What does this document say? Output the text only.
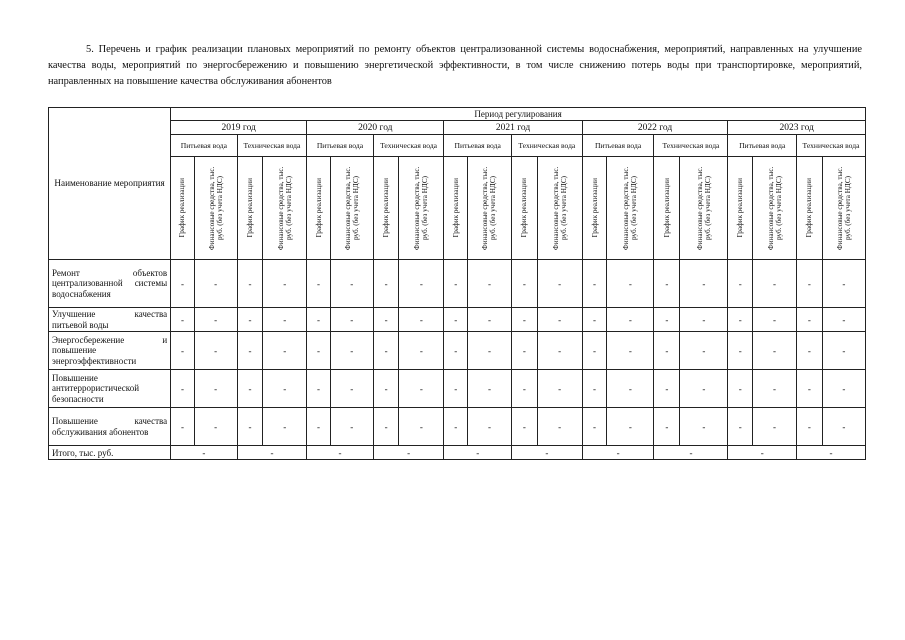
5. Перечень и график реализации плановых мероприятий по ремонту объектов централизованной системы водоснабжения, мероприятий, направленных на улучшение качества воды, мероприятий по энергосбережению и повышению энергетической эффективности, в том числе снижению потерь воды при транспортировке, мероприятий, направленных на повышение качества обслуживания абонентов

Наименование мероприятия	Период регулирования																			
	2019 год				2020 год				2021 год				2022 год				2023 год			
	Питьевая вода		Техническая вода		Питьевая вода		Техническая вода		Питьевая вода		Техническая вода		Питьевая вода		Техническая вода		Питьевая вода		Техническая вода	

	График реализации	Финансовые средства, тыс. руб. (без учета НДС)	График реализации	Финансовые средства, тыс. руб. (без учета НДС)	График реализации	Финансовые средства, тыс. руб. (без учета НДС)	График реализации	Финансовые средства, тыс. руб. (без учета НДС)	График реализации	Финансовые средства, тыс. руб. (без учета НДС)	График реализации	Финансовые средства, тыс. руб. (без учета НДС)	График реализации	Финансовые средства, тыс. руб. (без учета НДС)	График реализации	Финансовые средства, тыс. руб. (без учета НДС)	График реализации	Финансовые средства, тыс. руб. (без учета НДС)	График реализации	Финансовые средства, тыс. руб. (без учета НДС)

Ремонт объектов централизованной системы водоснабжения	-	-	-	-	-	-	-	-	-	-	-	-	-	-	-	-	-	-	-	-
Улучшение качества питьевой воды	-	-	-	-	-	-	-	-	-	-	-	-	-	-	-	-	-	-	-	-
Энергосбережение и повышение энергоэффективности	-	-	-	-	-	-	-	-	-	-	-	-	-	-	-	-	-	-	-	-
Повышение антитеррористической безопасности	-	-	-	-	-	-	-	-	-	-	-	-	-	-	-	-	-	-	-	-
Повышение качества обслуживания абонентов	-	-	-	-	-	-	-	-	-	-	-	-	-	-	-	-	-	-	-	-
Итого, тыс. руб.	-		-		-		-		-		-		-		-		-		-	
